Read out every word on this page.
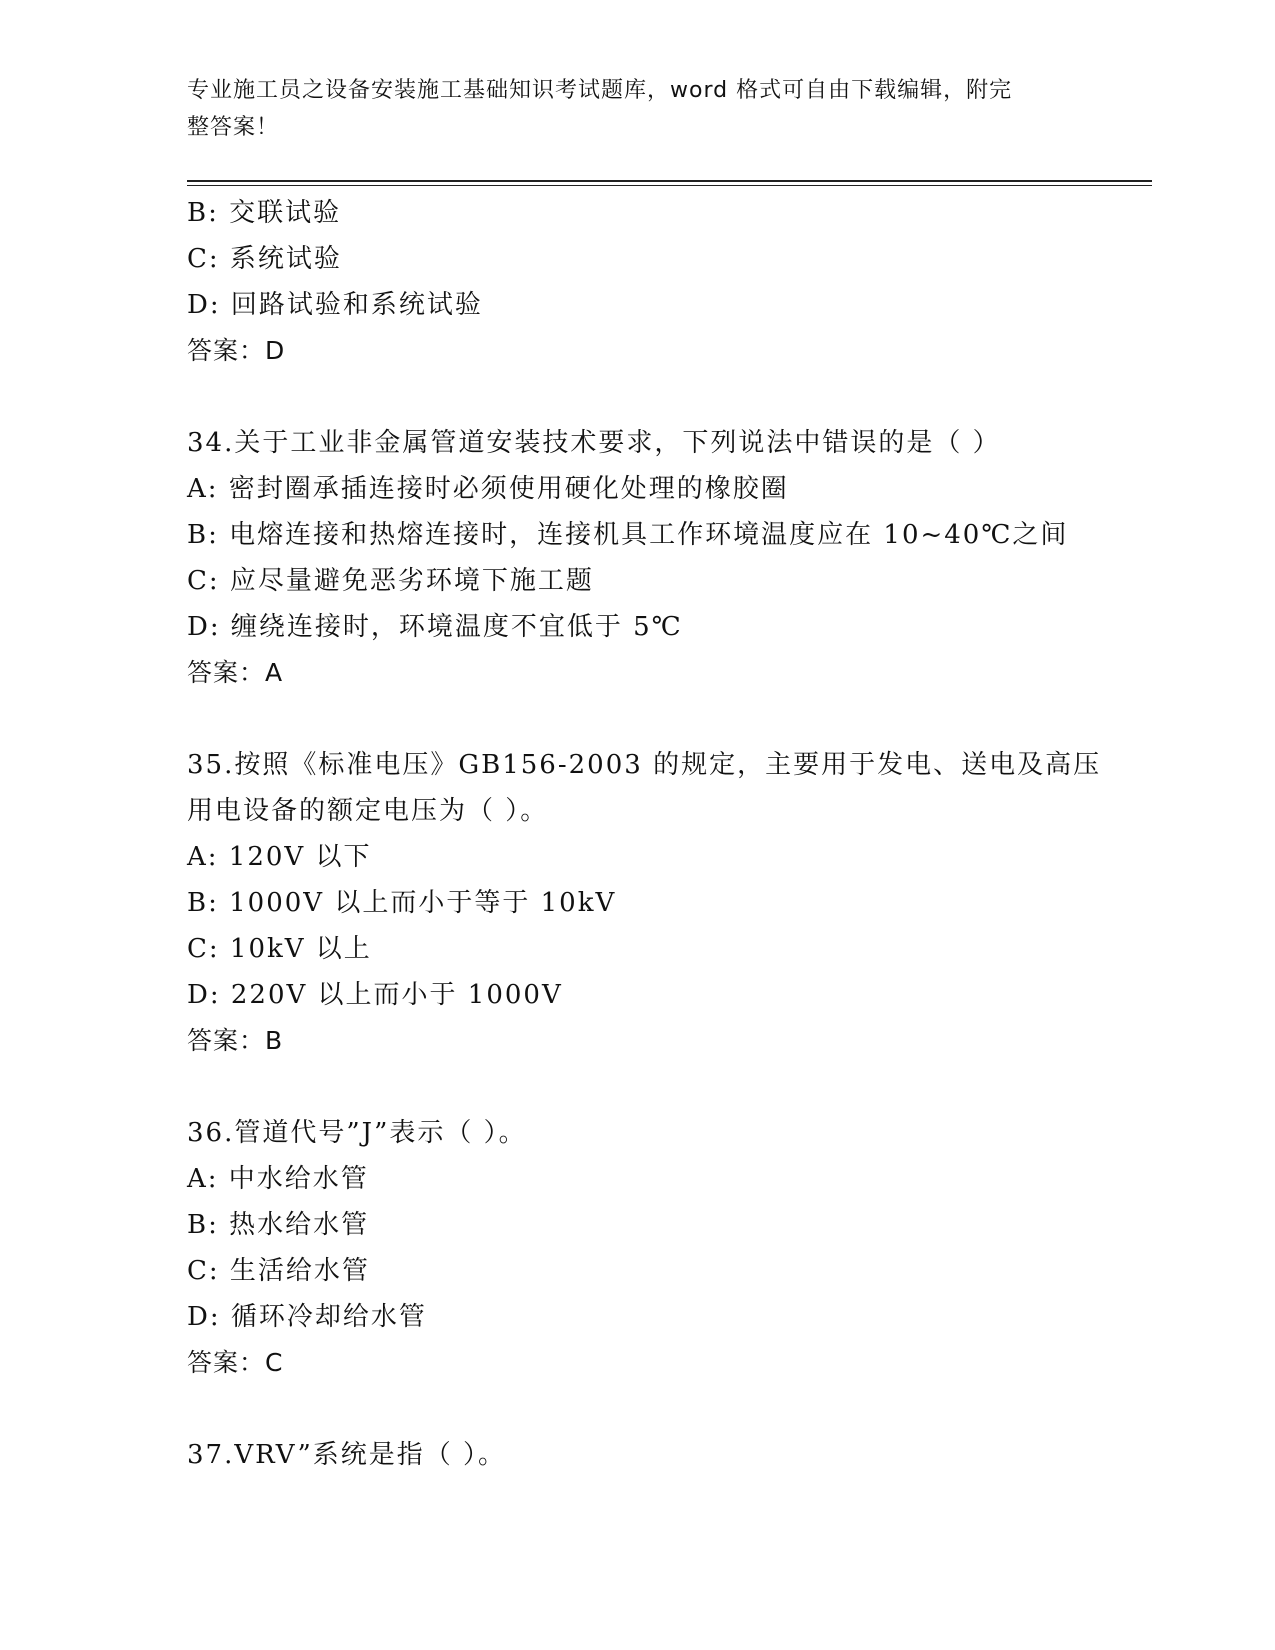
专业施工员之设备安装施工基础知识考试题库，word 格式可自由下载编辑，附完
整答案！
B: 交联试验
C: 系统试验
D: 回路试验和系统试验
答案：D
34.关于工业非金属管道安装技术要求，下列说法中错误的是（ ）
A: 密封圈承插连接时必须使用硬化处理的橡胶圈
B: 电熔连接和热熔连接时，连接机具工作环境温度应在 10~40℃之间
C: 应尽量避免恶劣环境下施工题
D: 缠绕连接时，环境温度不宜低于 5℃
答案：A
35.按照《标准电压》GB156-2003 的规定，主要用于发电、送电及高压
用电设备的额定电压为（ ）。
A: 120V 以下
B: 1000V 以上而小于等于 10kV
C: 10kV 以上
D: 220V 以上而小于 1000V
答案：B
36.管道代号”J”表示（ ）。
A: 中水给水管
B: 热水给水管
C: 生活给水管
D: 循环冷却给水管
答案：C
37.VRV”系统是指（ ）。
